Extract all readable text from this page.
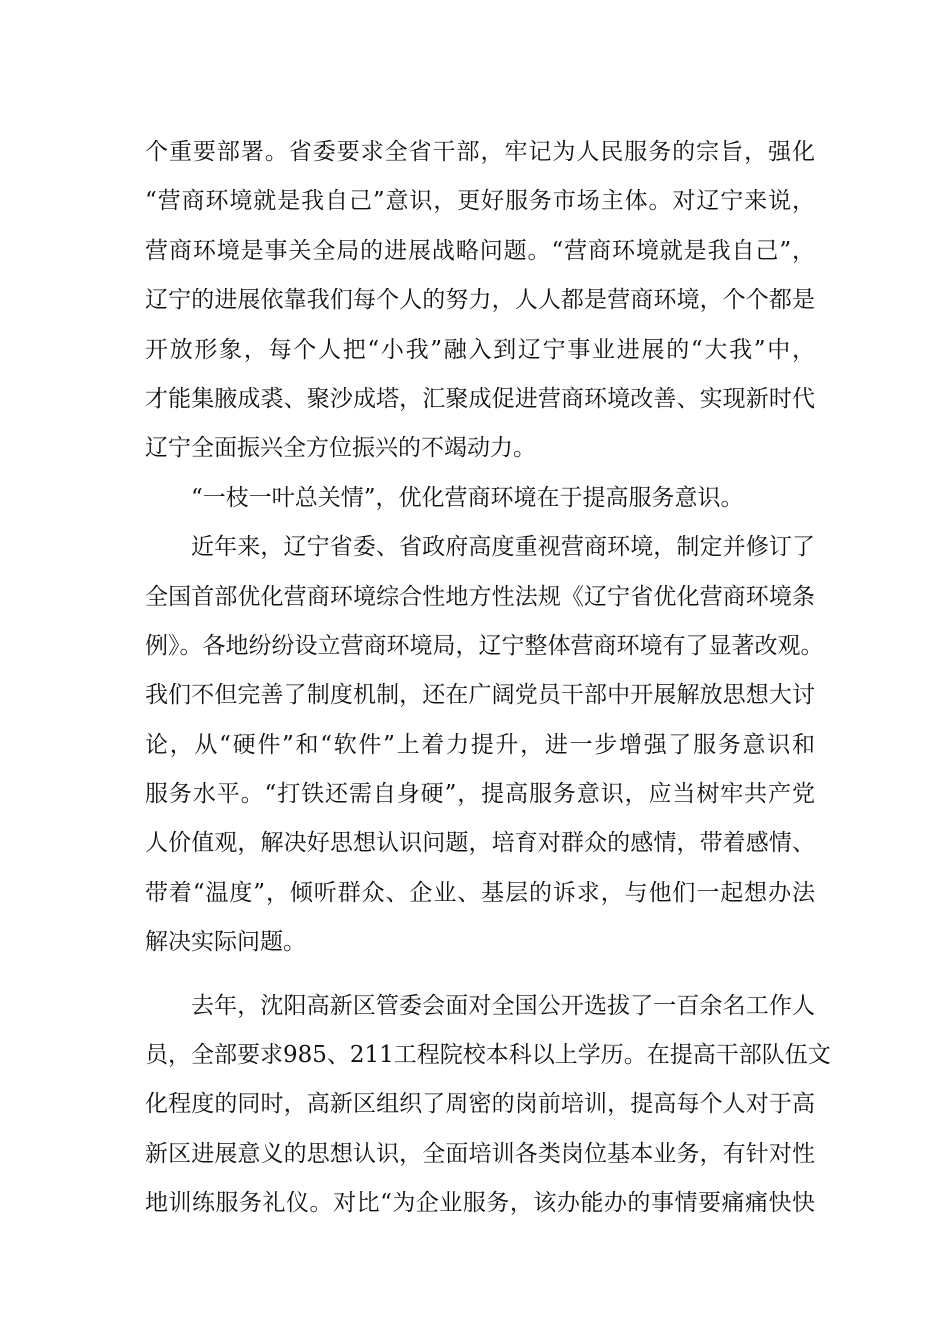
个重要部署。省委要求全省干部，牢记为人民服务的宗旨，强化
“营商环境就是我自己”意识，更好服务市场主体。对辽宁来说，
营商环境是事关全局的进展战略问题。“营商环境就是我自己”，
辽宁的进展依靠我们每个人的努力，人人都是营商环境，个个都是
开放形象，每个人把“小我”融入到辽宁事业进展的“大我”中，
才能集腋成裘、聚沙成塔，汇聚成促进营商环境改善、实现新时代
辽宁全面振兴全方位振兴的不竭动力。
“一枝一叶总关情”，优化营商环境在于提高服务意识。
近年来，辽宁省委、省政府高度重视营商环境，制定并修订了
全国首部优化营商环境综合性地方性法规《辽宁省优化营商环境条
例》。各地纷纷设立营商环境局，辽宁整体营商环境有了显著改观。
我们不但完善了制度机制，还在广阔党员干部中开展解放思想大讨
论，从“硬件”和“软件”上着力提升，进一步增强了服务意识和
服务水平。“打铁还需自身硬”，提高服务意识，应当树牢共产党
人价值观，解决好思想认识问题，培育对群众的感情，带着感情、
带着“温度”，倾听群众、企业、基层的诉求，与他们一起想办法
解决实际问题。
去年，沈阳高新区管委会面对全国公开选拔了一百余名工作人
员，全部要求985、211工程院校本科以上学历。在提高干部队伍文
化程度的同时，高新区组织了周密的岗前培训，提高每个人对于高
新区进展意义的思想认识，全面培训各类岗位基本业务，有针对性
地训练服务礼仪。对比“为企业服务，该办能办的事情要痛痛快快
